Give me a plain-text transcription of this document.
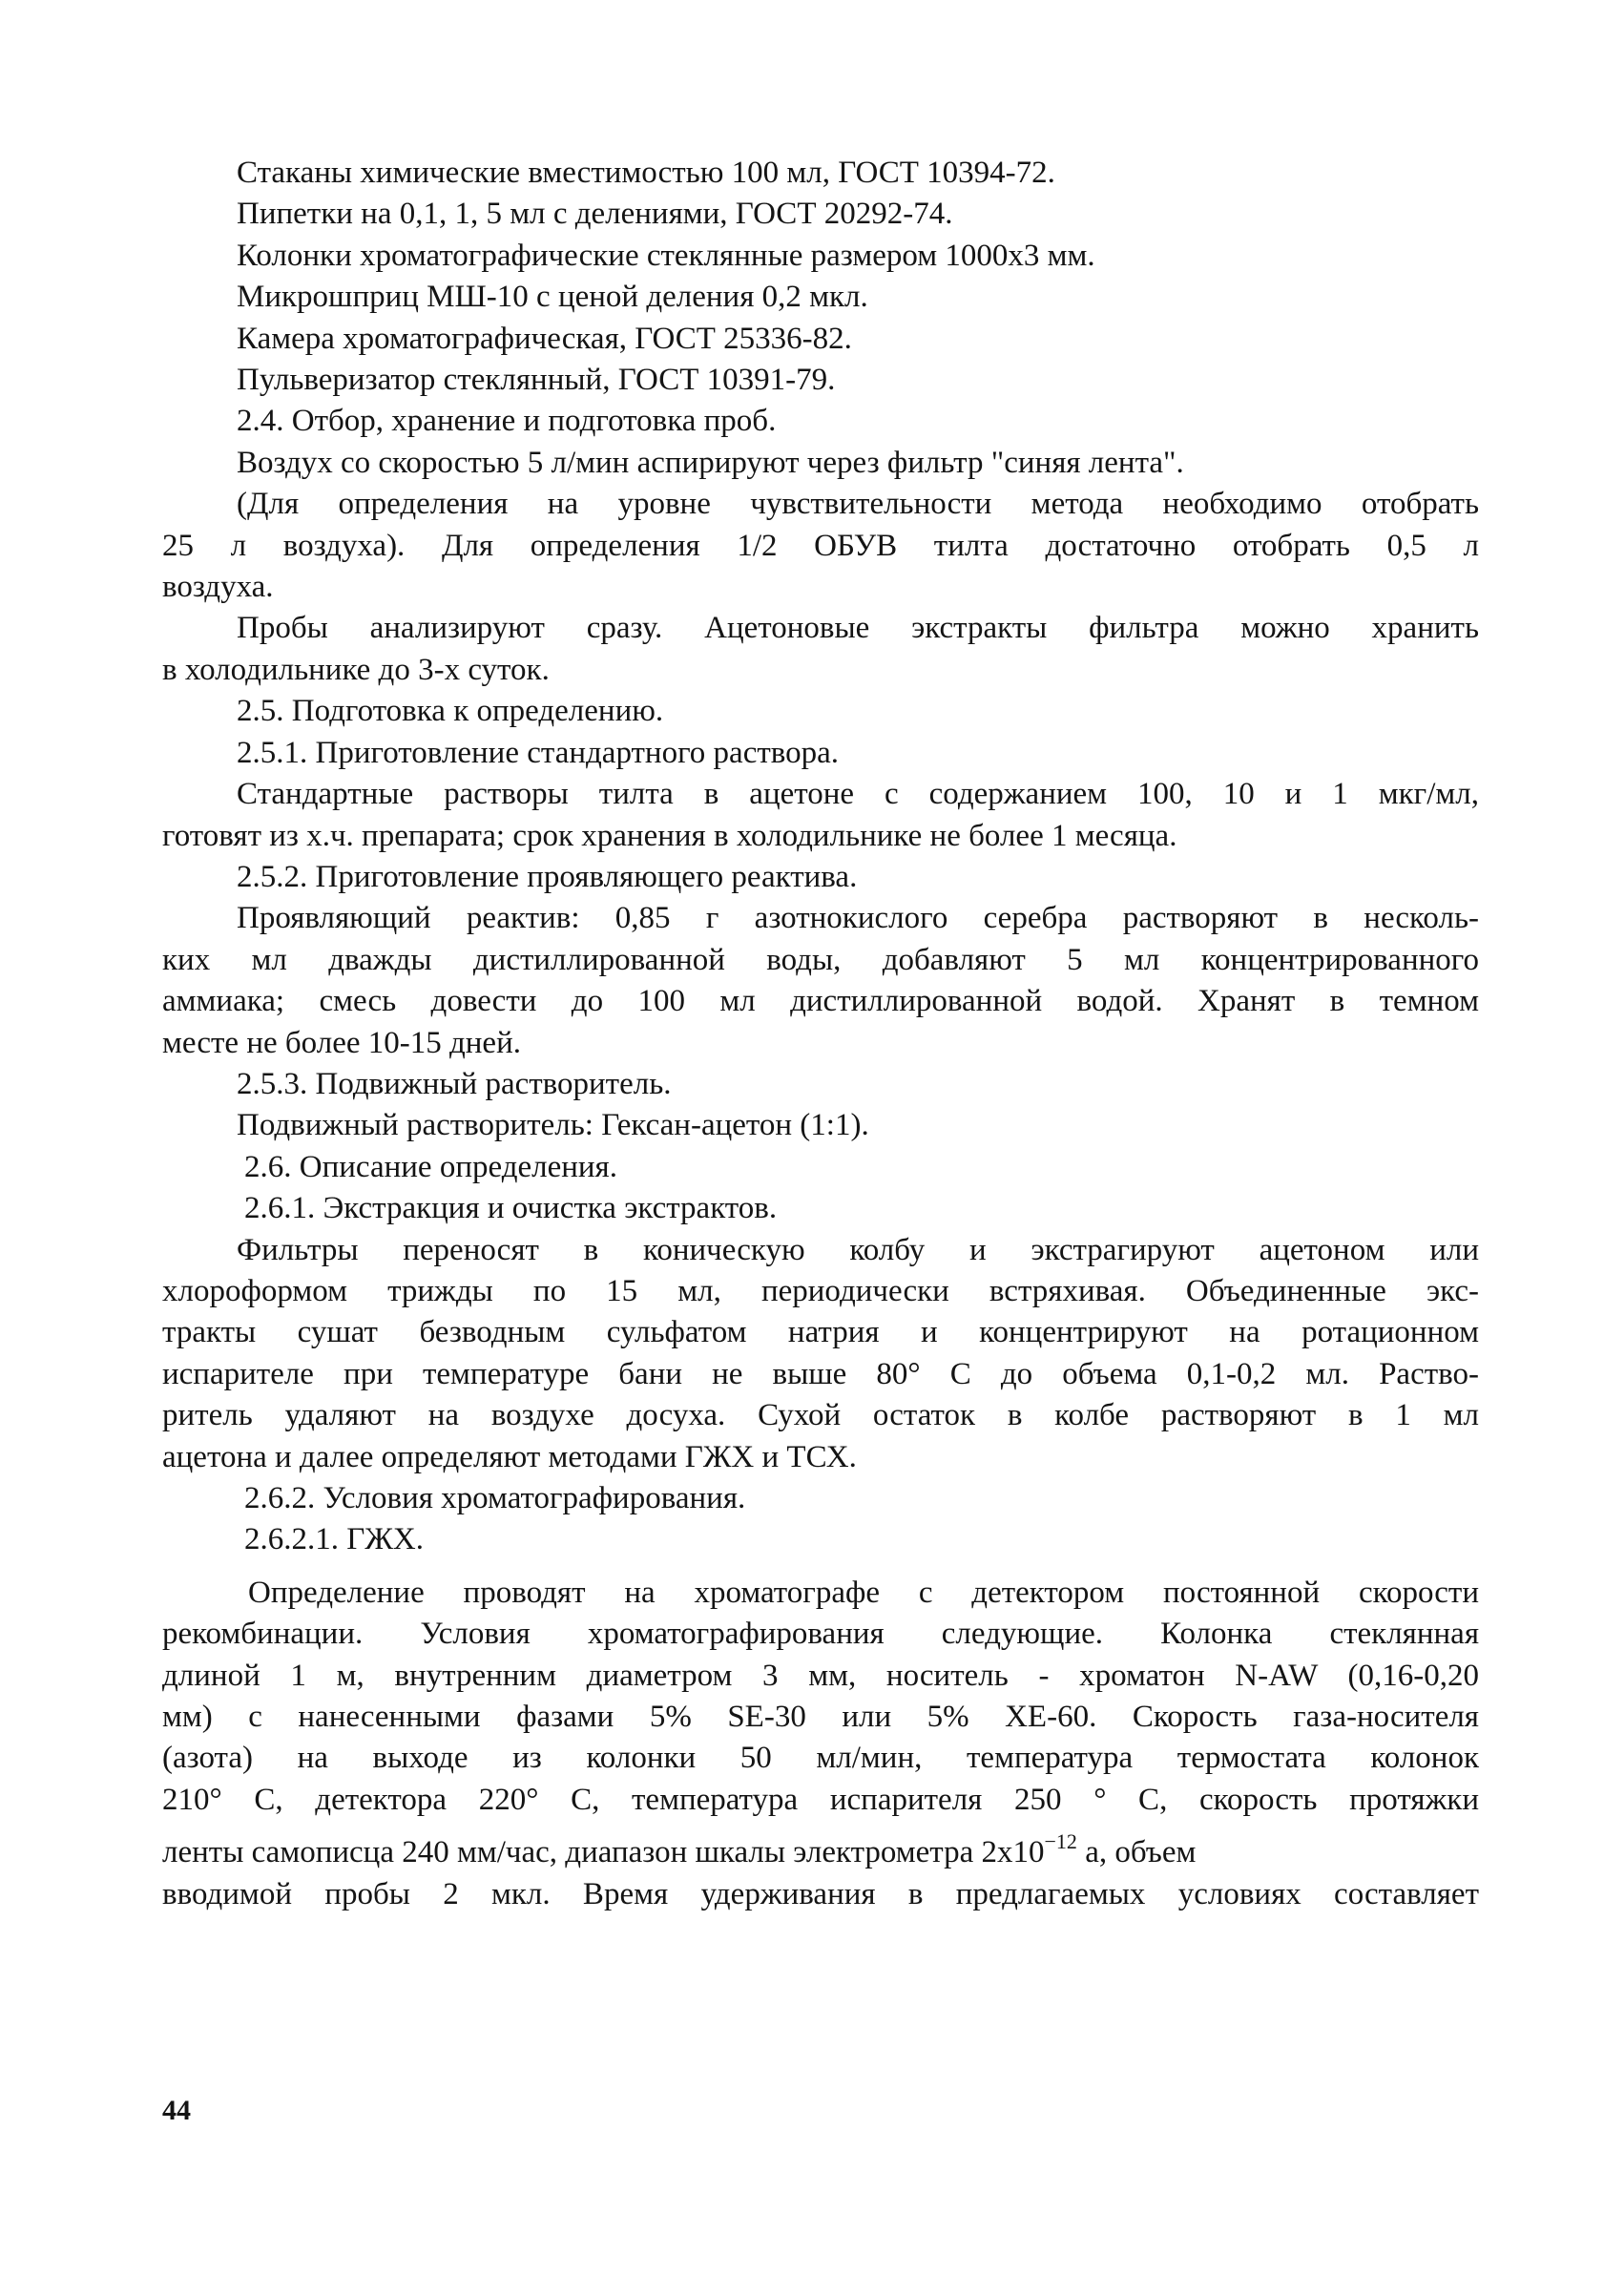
Стаканы химические вместимостью 100 мл, ГОСТ 10394-72.
Пипетки на 0,1, 1, 5 мл с делениями, ГОСТ 20292-74.
Колонки хроматографические стеклянные размером 1000х3 мм.
Микрошприц МШ-10 с ценой деления 0,2 мкл.
Камера хроматографическая, ГОСТ 25336-82.
Пульверизатор стеклянный, ГОСТ 10391-79.
2.4. Отбор, хранение и подготовка проб.
Воздух со скоростью 5 л/мин аспирируют через фильтр "синяя лента".
(Для определения на уровне чувствительности метода необходимо отобрать
25 л воздуха). Для определения 1/2 ОБУВ тилта достаточно отобрать 0,5 л
воздуха.
Пробы анализируют сразу. Ацетоновые экстракты фильтра можно хранить
в холодильнике до 3-х суток.
2.5. Подготовка к определению.
2.5.1. Приготовление стандартного раствора.
Стандартные растворы тилта в ацетоне с содержанием 100, 10 и 1 мкг/мл,
готовят из х.ч. препарата; срок хранения в холодильнике не более 1 месяца.
2.5.2. Приготовление проявляющего реактива.
Проявляющий реактив: 0,85 г азотнокислого серебра растворяют в несколь-
ких мл дважды дистиллированной воды, добавляют 5 мл концентрированного
аммиака; смесь довести до 100 мл дистиллированной водой. Хранят в темном
месте не более 10-15 дней.
2.5.3. Подвижный растворитель.
Подвижный растворитель: Гексан-ацетон (1:1).
2.6. Описание определения.
2.6.1. Экстракция и очистка экстрактов.
Фильтры переносят в коническую колбу и экстрагируют ацетоном или
хлороформом трижды по 15 мл, периодически встряхивая. Объединенные экс-
тракты сушат безводным сульфатом натрия и концентрируют на ротационном
испарителе при температуре бани не выше 80° С до объема 0,1-0,2 мл. Раство-
ритель удаляют на воздухе досуха. Сухой остаток в колбе растворяют в 1 мл
ацетона и далее определяют методами ГЖХ и ТСХ.
2.6.2. Условия хроматографирования.
2.6.2.1. ГЖХ.
Определение проводят на хроматографе с детектором постоянной скорости
рекомбинации. Условия хроматографирования следующие. Колонка стеклянная
длиной 1 м, внутренним диаметром 3 мм, носитель - хроматон N-AW (0,16-0,20
мм) с нанесенными фазами 5% SE-30 или 5% XE-60. Скорость газа-носителя
(азота) на выходе из колонки 50 мл/мин, температура термостата колонок
210° С, детектора 220° С, температура испарителя 250 ° С, скорость протяжки
ленты самописца 240 мм/час, диапазон шкалы электрометра $2х10^{-12}$ а, объем
вводимой пробы 2 мкл. Время удерживания в предлагаемых условиях составляет
44
